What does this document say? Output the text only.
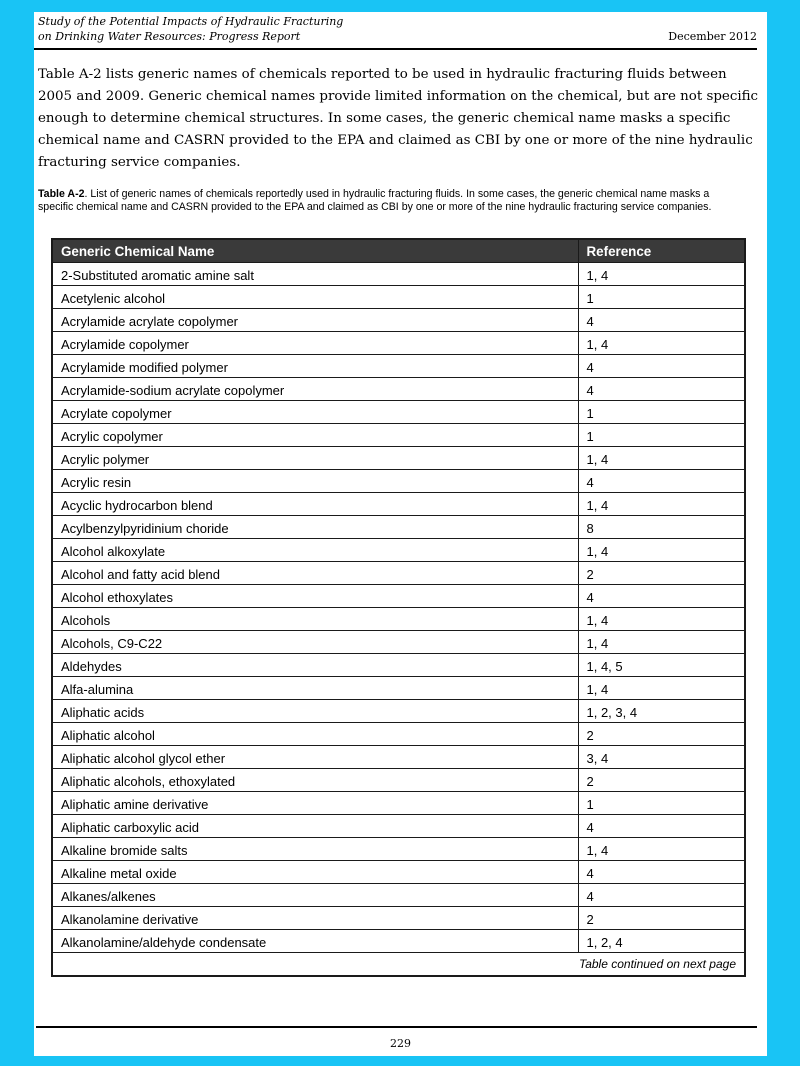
Study of the Potential Impacts of Hydraulic Fracturing
on Drinking Water Resources: Progress Report	December 2012

Table A-2 lists generic names of chemicals reported to be used in hydraulic fracturing fluids between 2005 and 2009. Generic chemical names provide limited information on the chemical, but are not specific enough to determine chemical structures. In some cases, the generic chemical name masks a specific chemical name and CASRN provided to the EPA and claimed as CBI by one or more of the nine hydraulic fracturing service companies.

Table A-2. List of generic names of chemicals reportedly used in hydraulic fracturing fluids. In some cases, the generic chemical name masks a specific chemical name and CASRN provided to the EPA and claimed as CBI by one or more of the nine hydraulic fracturing service companies.
Generic Chemical Name	Reference
2-Substituted aromatic amine salt	1, 4
Acetylenic alcohol	1
Acrylamide acrylate copolymer	4
Acrylamide copolymer	1, 4
Acrylamide modified polymer	4
Acrylamide-sodium acrylate copolymer	4
Acrylate copolymer	1
Acrylic copolymer	1
Acrylic polymer	1, 4
Acrylic resin	4
Acyclic hydrocarbon blend	1, 4
Acylbenzylpyridinium choride	8
Alcohol alkoxylate	1, 4
Alcohol and fatty acid blend	2
Alcohol ethoxylates	4
Alcohols	1, 4
Alcohols, C9-C22	1, 4
Aldehydes	1, 4, 5
Alfa-alumina	1, 4
Aliphatic acids	1, 2, 3, 4
Aliphatic alcohol	2
Aliphatic alcohol glycol ether	3, 4
Aliphatic alcohols, ethoxylated	2
Aliphatic amine derivative	1
Aliphatic carboxylic acid	4
Alkaline bromide salts	1, 4
Alkaline metal oxide	4
Alkanes/alkenes	4
Alkanolamine derivative	2
Alkanolamine/aldehyde condensate	1, 2, 4
Table continued on next page	
229
